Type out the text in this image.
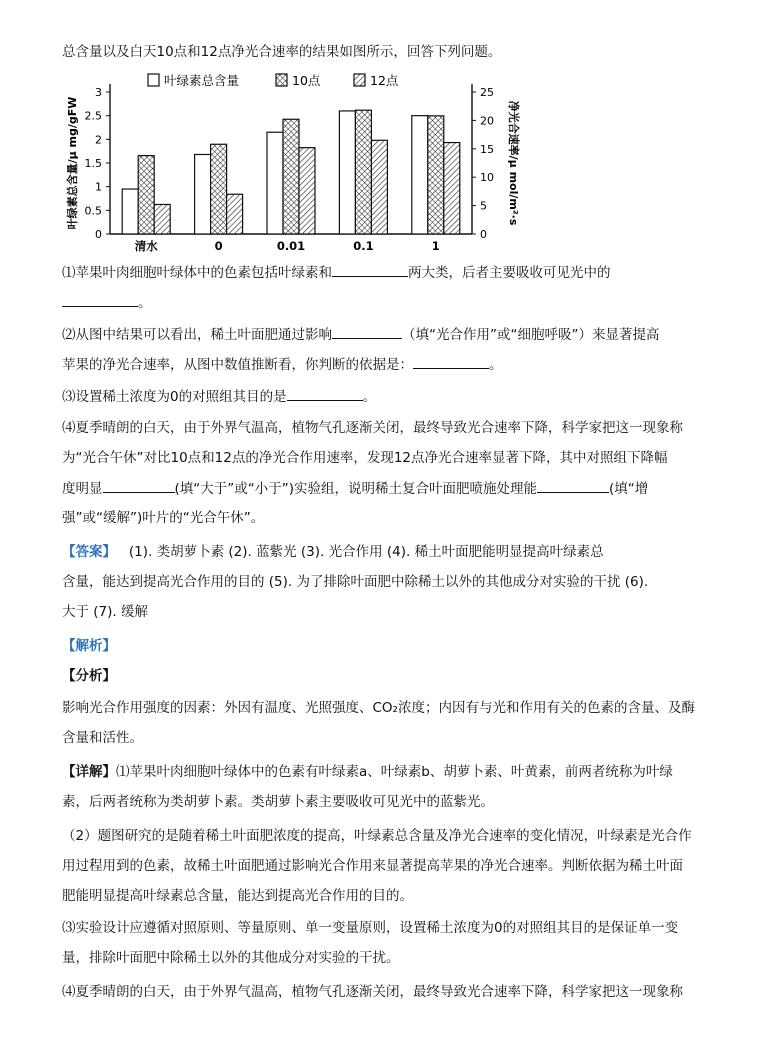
总含量以及白天10点和12点净光合速率的结果如图所示，回答下列问题。
0
0.5
1
1.5
2
2.5
3
0
5
10
15
20
25
叶绿素总含量/μ mg/gFW	净光合速率/μ mol/m²·s
清水	0	0.01	0.1	1
叶绿素总含量	10点	12点
⑴苹果叶肉细胞叶绿体中的色素包括叶绿素和	两大类，后者主要吸收可见光中的
。
⑵从图中结果可以看出，稀土叶面肥通过影响	（填“光合作用”或“细胞呼吸”）来显著提高
苹果的净光合速率，从图中数值推断看，你判断的依据是：	。
⑶设置稀土浓度为0的对照组其目的是	。
⑷夏季晴朗的白天，由于外界气温高，植物气孔逐渐关闭，最终导致光合速率下降，科学家把这一现象称
为“光合午休”对比10点和12点的净光合作用速率，发现12点净光合速率显著下降，其中对照组下降幅
度明显	(填“大于”或“小于”)实验组，说明稀土复合叶面肥喷施处理能	(填“增
强”或“缓解”)叶片的“光合午休”。
【答案】 (1). 类胡萝卜素 (2). 蓝紫光 (3). 光合作用 (4). 稀土叶面肥能明显提高叶绿素总
含量，能达到提高光合作用的目的 (5). 为了排除叶面肥中除稀土以外的其他成分对实验的干扰 (6).
大于 (7). 缓解
【解析】
【分析】
影响光合作用强度的因素：外因有温度、光照强度、CO₂浓度；内因有与光和作用有关的色素的含量、及酶
含量和活性。
【详解】⑴苹果叶肉细胞叶绿体中的色素有叶绿素a、叶绿素b、胡萝卜素、叶黄素，前两者统称为叶绿
素，后两者统称为类胡萝卜素。类胡萝卜素主要吸收可见光中的蓝紫光。
（2）题图研究的是随着稀土叶面肥浓度的提高，叶绿素总含量及净光合速率的变化情况，叶绿素是光合作
用过程用到的色素，故稀土叶面肥通过影响光合作用来显著提高苹果的净光合速率。判断依据为稀土叶面
肥能明显提高叶绿素总含量，能达到提高光合作用的目的。
⑶实验设计应遵循对照原则、等量原则、单一变量原则，设置稀土浓度为0的对照组其目的是保证单一变
量，排除叶面肥中除稀土以外的其他成分对实验的干扰。
⑷夏季晴朗的白天，由于外界气温高，植物气孔逐渐关闭，最终导致光合速率下降，科学家把这一现象称
